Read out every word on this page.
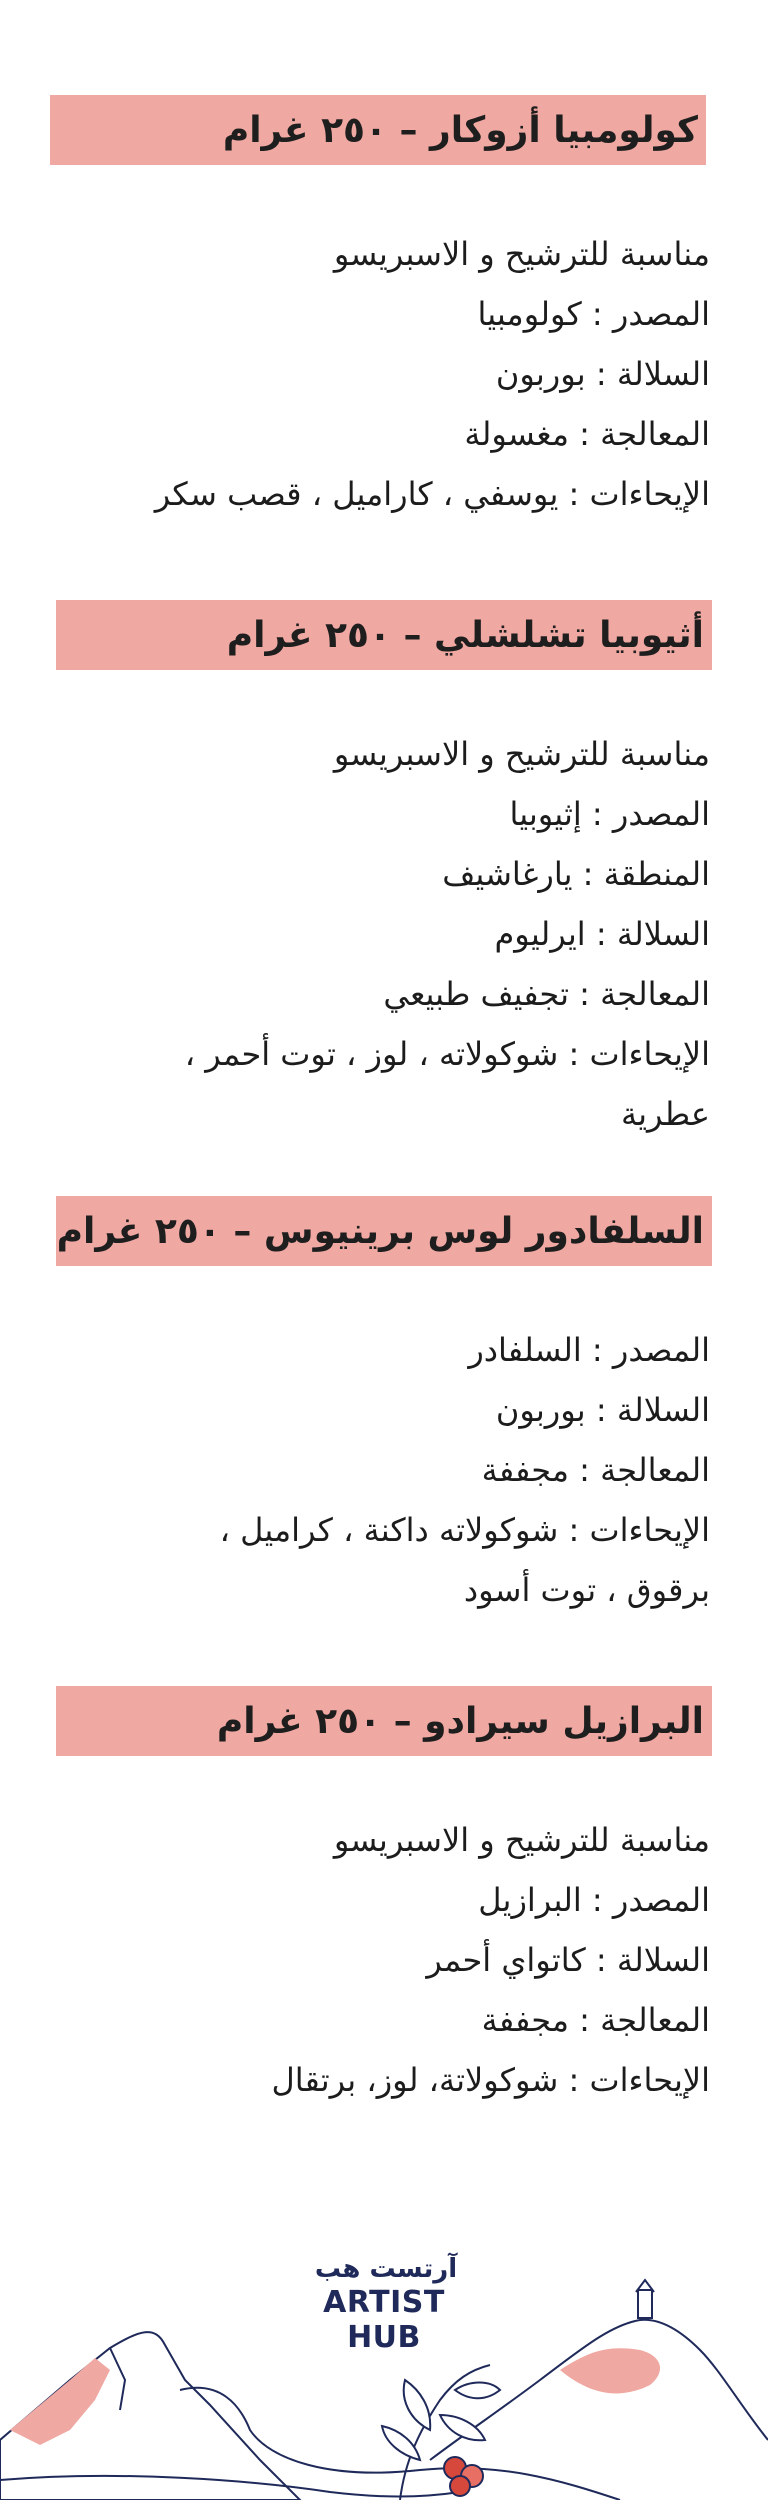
كولومبيا أزوكار – ٢٥٠ غرام
مناسبة للترشيح و الاسبريسو
المصدر : كولومبيا
السلالة : بوربون
المعالجة : مغسولة
الإيحاءات : يوسفي ، كاراميل ، قصب سكر
أثيوبيا تشلشلي – ٢٥٠ غرام
مناسبة للترشيح و الاسبريسو
المصدر : إثيوبيا
المنطقة : يارغاشيف
السلالة : ايرليوم
المعالجة : تجفيف طبيعي
الإيحاءات : شوكولاته ، لوز ، توت أحمر ،
عطرية
السلفادور لوس برينيوس – ٢٥٠ غرام
المصدر : السلفادر
السلالة : بوربون
المعالجة : مجففة
الإيحاءات : شوكولاته داكنة ، كراميل ،
برقوق ، توت أسود
البرازيل سيرادو – ٢٥٠ غرام
مناسبة للترشيح و الاسبريسو
المصدر : البرازيل
السلالة : كاتواي أحمر
المعالجة : مجففة
الإيحاءات : شوكولاتة، لوز، برتقال
آرتست هب
ARTIST HUB
